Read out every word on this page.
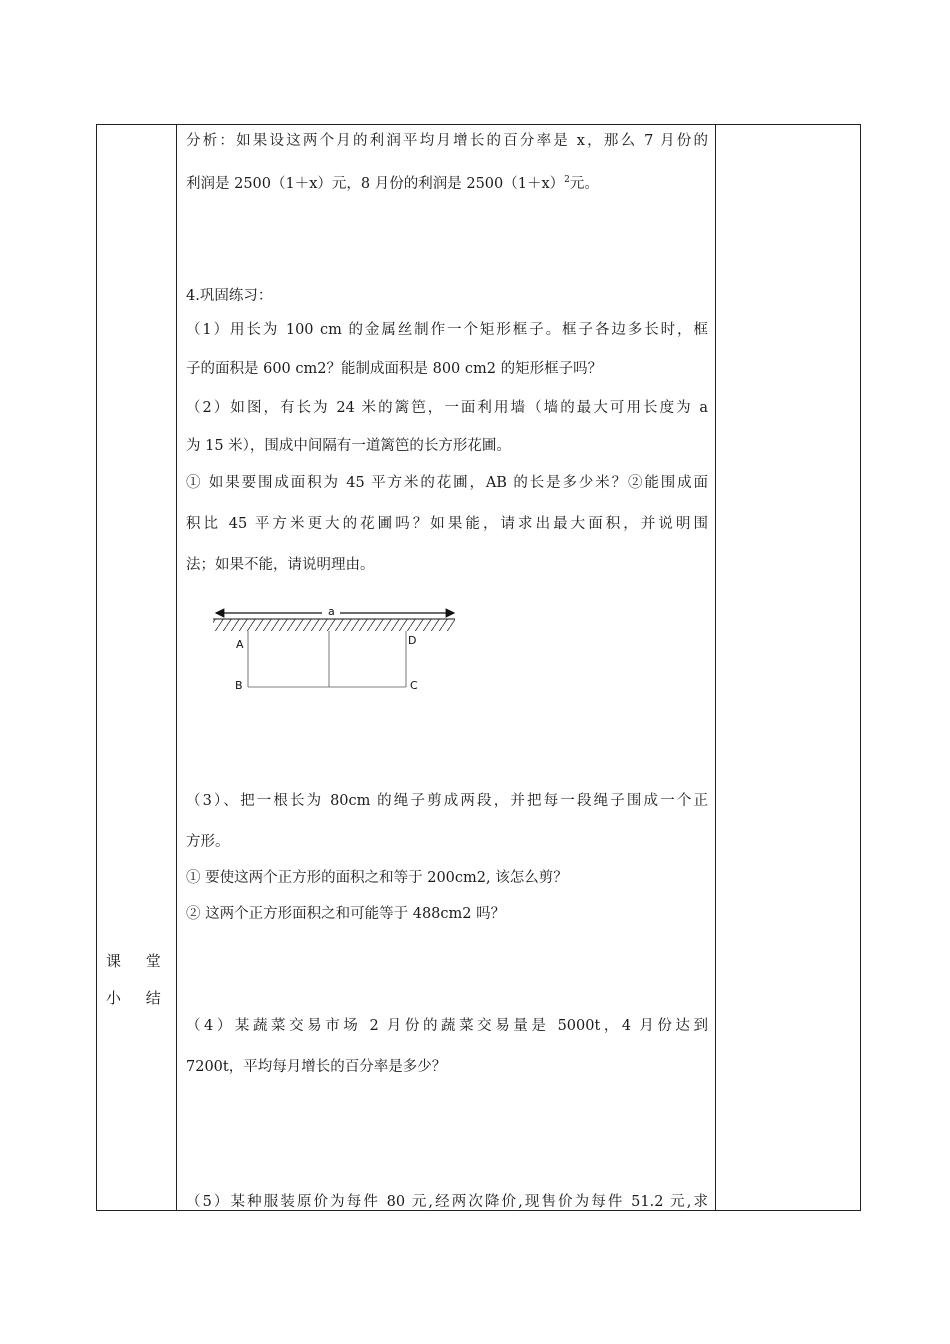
课 堂
小 结
分析：如果设这两个月的利润平均月增长的百分率是 x，那么 7 月份的
利润是 2500（1＋x）元，8 月份的利润是 $2500(1+x)^2$元。
4.巩固练习：
（1）用长为 100 cm 的金属丝制作一个矩形框子。框子各边多长时，框
子的面积是 600 cm2？能制成面积是 800 cm2 的矩形框子吗？
（2）如图，有长为 24 米的篱笆，一面利用墙（墙的最大可用长度为 a
为 15 米），围成中间隔有一道篱笆的长方形花圃。
① 如果要围成面积为 45 平方米的花圃，AB 的长是多少米？②能围成面
积比 45 平方米更大的花圃吗？如果能，请求出最大面积，并说明围
法；如果不能，请说明理由。
（3）、把一根长为 80cm 的绳子剪成两段，并把每一段绳子围成一个正
方形。
① 要使这两个正方形的面积之和等于 200cm2, 该怎么剪？
② 这两个正方形面积之和可能等于 488cm2 吗？
（4）某蔬菜交易市场 2 月份的蔬菜交易量是 5000t，4 月份达到
7200t，平均每月增长的百分率是多少？
（5）某种服装原价为每件 80 元,经两次降价,现售价为每件 51.2 元,求
a
A	D
B	C
